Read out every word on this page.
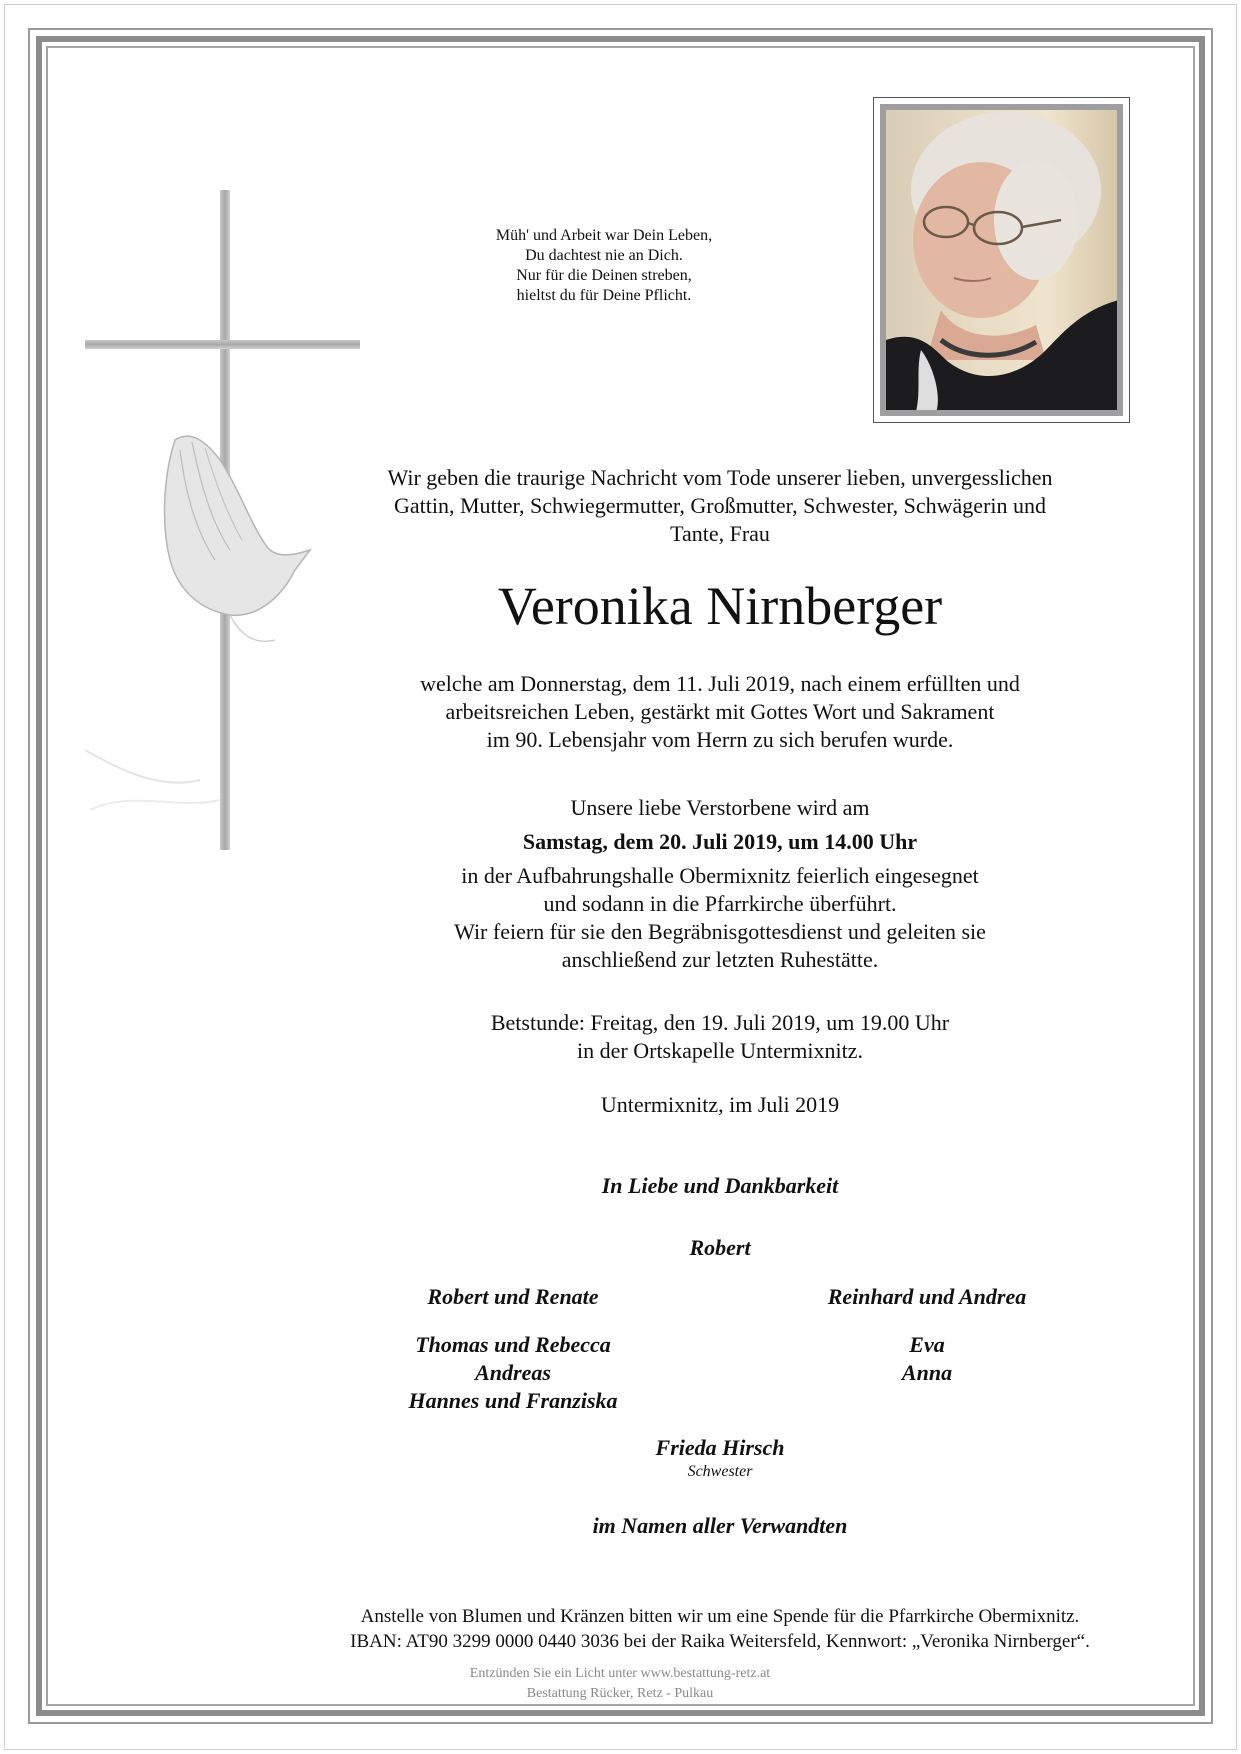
Müh' und Arbeit war Dein Leben,
Du dachtest nie an Dich.
Nur für die Deinen streben,
hieltst du für Deine Pflicht.
Wir geben die traurige Nachricht vom Tode unserer lieben, unvergesslichen
Gattin, Mutter, Schwiegermutter, Großmutter, Schwester, Schwägerin und
Tante, Frau
Veronika Nirnberger
welche am Donnerstag, dem 11. Juli 2019, nach einem erfüllten und
arbeitsreichen Leben, gestärkt mit Gottes Wort und Sakrament
im 90. Lebensjahr vom Herrn zu sich berufen wurde.
Unsere liebe Verstorbene wird am
Samstag, dem 20. Juli 2019, um 14.00 Uhr
in der Aufbahrungshalle Obermixnitz feierlich eingesegnet
und sodann in die Pfarrkirche überführt.
Wir feiern für sie den Begräbnisgottesdienst und geleiten sie
anschließend zur letzten Ruhestätte.
Betstunde: Freitag, den 19. Juli 2019, um 19.00 Uhr
in der Ortskapelle Untermixnitz.
Untermixnitz, im Juli 2019
In Liebe und Dankbarkeit
Robert
Robert und Renate	Reinhard und Andrea
Thomas und Rebecca
Andreas
Hannes und Franziska
Eva
Anna
Frieda Hirsch
Schwester
im Namen aller Verwandten
Anstelle von Blumen und Kränzen bitten wir um eine Spende für die Pfarrkirche Obermixnitz.
IBAN: AT90 3299 0000 0440 3036 bei der Raika Weitersfeld, Kennwort: „Veronika Nirnberger“.
Entzünden Sie ein Licht unter www.bestattung-retz.at
Bestattung Rücker, Retz - Pulkau
